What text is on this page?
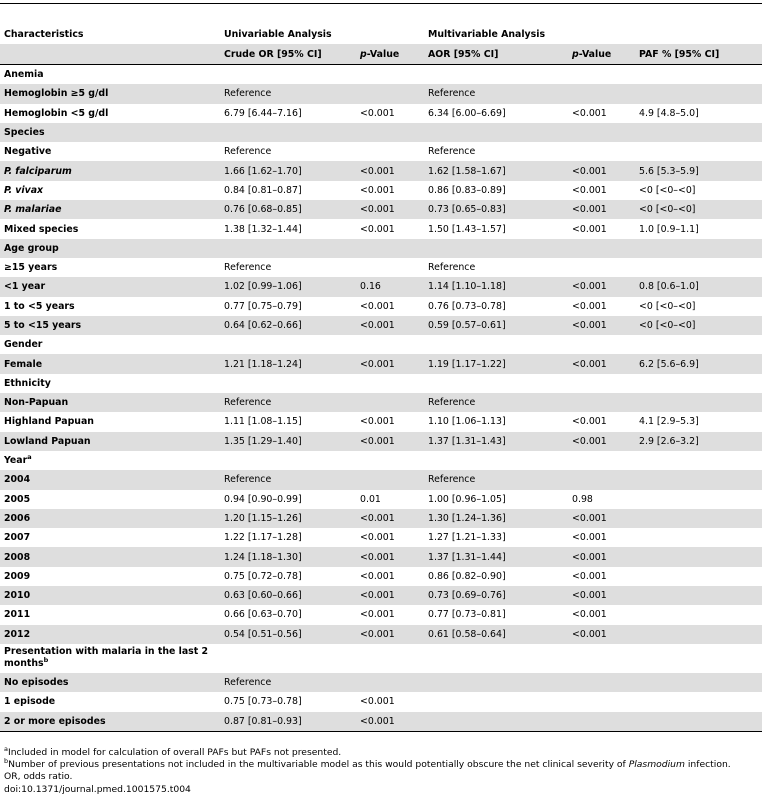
Characteristics	Univariable Analysis		Multivariable Analysis		
	Crude OR [95% CI]	p-Value	AOR [95% CI]	p-Value	PAF % [95% CI]
Anemia					
Hemoglobin ≥5 g/dl	Reference		Reference		
Hemoglobin <5 g/dl	6.79 [6.44–7.16]	<0.001	6.34 [6.00–6.69]	<0.001	4.9 [4.8–5.0]
Species					
Negative	Reference		Reference		
P. falciparum	1.66 [1.62–1.70]	<0.001	1.62 [1.58–1.67]	<0.001	5.6 [5.3–5.9]
P. vivax	0.84 [0.81–0.87]	<0.001	0.86 [0.83–0.89]	<0.001	<0 [<0–<0]
P. malariae	0.76 [0.68–0.85]	<0.001	0.73 [0.65–0.83]	<0.001	<0 [<0–<0]
Mixed species	1.38 [1.32–1.44]	<0.001	1.50 [1.43–1.57]	<0.001	1.0 [0.9–1.1]
Age group					
≥15 years	Reference		Reference		
<1 year	1.02 [0.99–1.06]	0.16	1.14 [1.10–1.18]	<0.001	0.8 [0.6–1.0]
1 to <5 years	0.77 [0.75–0.79]	<0.001	0.76 [0.73–0.78]	<0.001	<0 [<0–<0]
5 to <15 years	0.64 [0.62–0.66]	<0.001	0.59 [0.57–0.61]	<0.001	<0 [<0–<0]
Gender					
Female	1.21 [1.18–1.24]	<0.001	1.19 [1.17–1.22]	<0.001	6.2 [5.6–6.9]
Ethnicity					
Non-Papuan	Reference		Reference		
Highland Papuan	1.11 [1.08–1.15]	<0.001	1.10 [1.06–1.13]	<0.001	4.1 [2.9–5.3]
Lowland Papuan	1.35 [1.29–1.40]	<0.001	1.37 [1.31–1.43]	<0.001	2.9 [2.6–3.2]
Year$^a$					
2004	Reference		Reference		
2005	0.94 [0.90–0.99]	0.01	1.00 [0.96–1.05]	0.98	
2006	1.20 [1.15–1.26]	<0.001	1.30 [1.24–1.36]	<0.001	
2007	1.22 [1.17–1.28]	<0.001	1.27 [1.21–1.33]	<0.001	
2008	1.24 [1.18–1.30]	<0.001	1.37 [1.31–1.44]	<0.001	
2009	0.75 [0.72–0.78]	<0.001	0.86 [0.82–0.90]	<0.001	
2010	0.63 [0.60–0.66]	<0.001	0.73 [0.69–0.76]	<0.001	
2011	0.66 [0.63–0.70]	<0.001	0.77 [0.73–0.81]	<0.001	
2012	0.54 [0.51–0.56]	<0.001	0.61 [0.58–0.64]	<0.001	
Presentation with malaria in the last 2 months$^b$					
No episodes	Reference				
1 episode	0.75 [0.73–0.78]	<0.001			
2 or more episodes	0.87 [0.81–0.93]	<0.001			
$^a$Included in model for calculation of overall PAFs but PAFs not presented.
$^b$Number of previous presentations not included in the multivariable model as this would potentially obscure the net clinical severity of Plasmodium infection.
OR, odds ratio.
doi:10.1371/journal.pmed.1001575.t004
